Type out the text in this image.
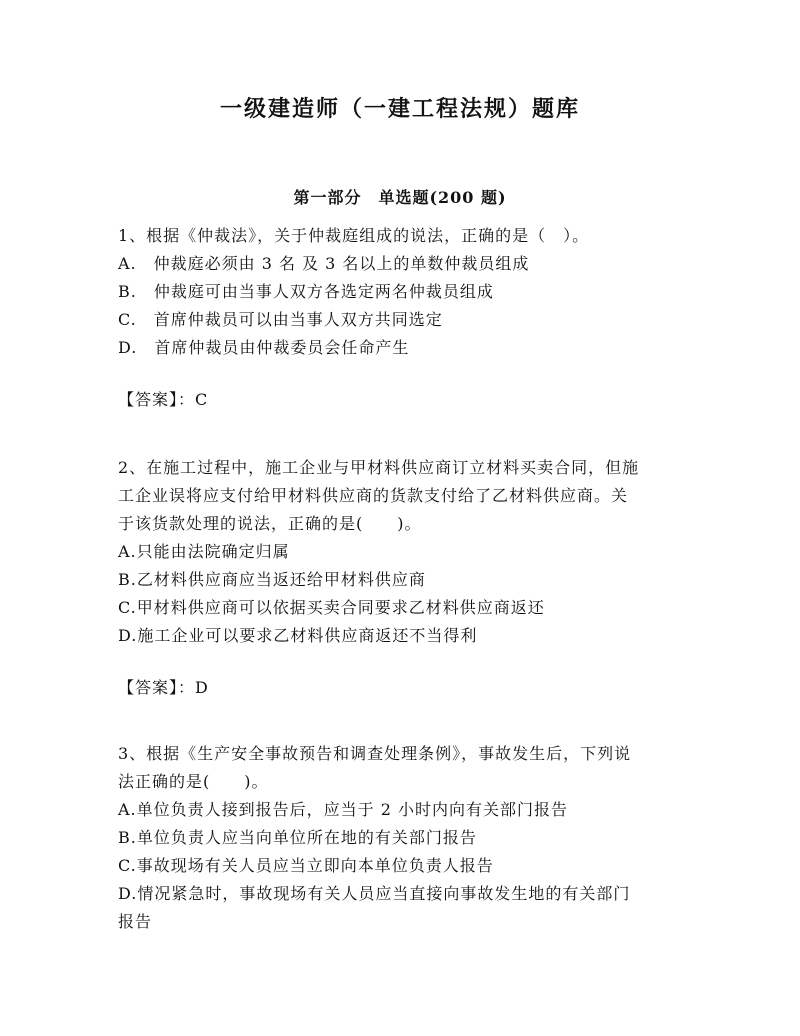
一级建造师（一建工程法规）题库
第一部分　单选题(200 题)
1、根据《仲裁法》，关于仲裁庭组成的说法，正确的是（　）。
A.　仲裁庭必须由 3 名 及 3 名以上的单数仲裁员组成
B.　仲裁庭可由当事人双方各选定两名仲裁员组成
C.　首席仲裁员可以由当事人双方共同选定
D.　首席仲裁员由仲裁委员会任命产生
【答案】：C
2、在施工过程中，施工企业与甲材料供应商订立材料买卖合同，但施
工企业误将应支付给甲材料供应商的货款支付给了乙材料供应商。关
于该货款处理的说法，正确的是(　　)。
A.只能由法院确定归属
B.乙材料供应商应当返还给甲材料供应商
C.甲材料供应商可以依据买卖合同要求乙材料供应商返还
D.施工企业可以要求乙材料供应商返还不当得利
【答案】：D
3、根据《生产安全事故预告和调查处理条例》，事故发生后，下列说
法正确的是(　　)。
A.单位负责人接到报告后，应当于 2 小时内向有关部门报告
B.单位负责人应当向单位所在地的有关部门报告
C.事故现场有关人员应当立即向本单位负责人报告
D.情况紧急时，事故现场有关人员应当直接向事故发生地的有关部门
报告
